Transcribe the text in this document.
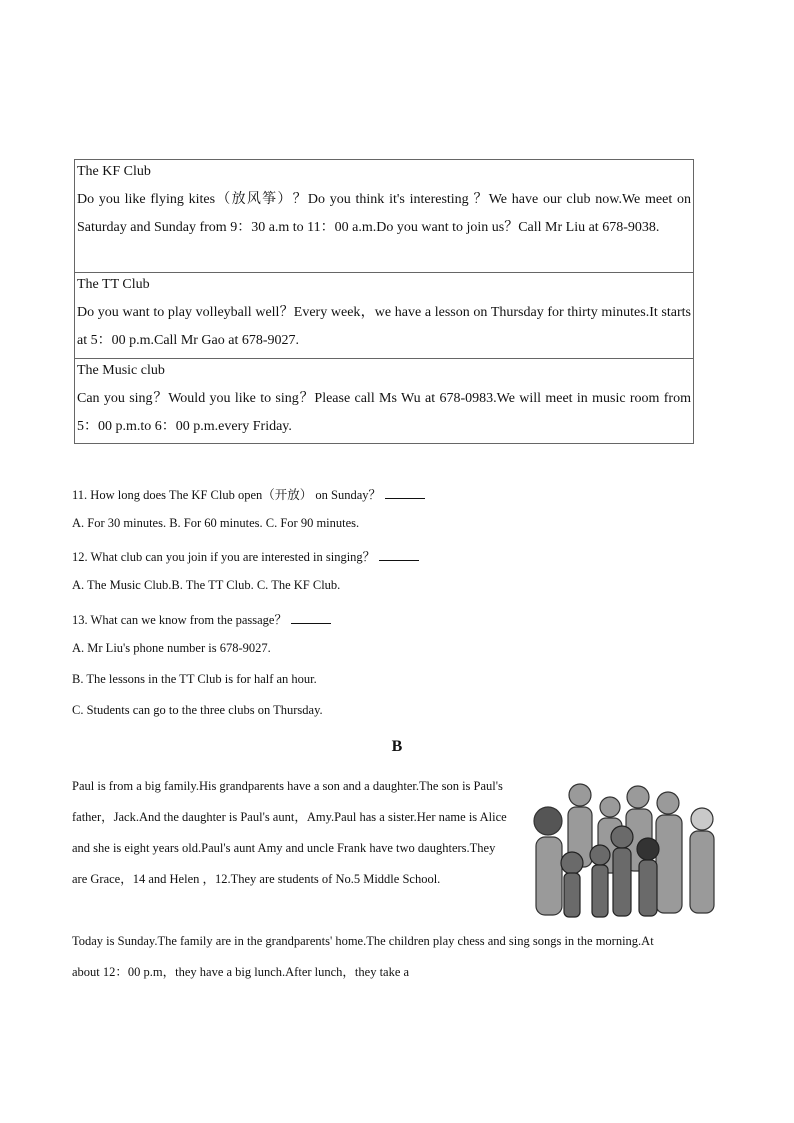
The KF Club

Do you like flying kites（放风筝）？Do you think it's interesting ？We have our club now.We meet on Saturday and Sunday from 9：30 a.m to 11：00 a.m.Do you want to join us？Call Mr Liu at 678-9038.

The TT Club

Do you want to play volleyball well？Every week，we have a lesson on Thursday for thirty minutes.It starts at 5：00 p.m.Call Mr Gao at 678-9027.

The Music club

Can you sing？Would you like to sing？Please call Ms Wu at 678-0983.We will meet in music room from 5：00 p.m.to 6：00 p.m.every Friday.

11. How long does The KF Club open（开放） on Sunday？

A. For 30 minutes. B. For 60 minutes. C. For 90 minutes.

12. What club can you join if you are interested in singing？

A. The Music Club.B. The TT Club. C. The KF Club.

13. What can we know from the passage？

A. Mr Liu's phone number is 678-9027.

B. The lessons in the TT Club is for half an hour.

C. Students can go to the three clubs on Thursday.

B

Paul is from a big family.His grandparents have a son and a daughter.The son is Paul's father，Jack.And the daughter is Paul's aunt，Amy.Paul has a sister.Her name is Alice and she is eight years old.Paul's aunt Amy and uncle Frank have two daughters.They are Grace，14 and Helen ，12.They are students of No.5 Middle School.

Today is Sunday.The family are in the grandparents' home.The children play chess and sing songs in the morning.At about 12：00 p.m，they have a big lunch.After lunch，they take a
